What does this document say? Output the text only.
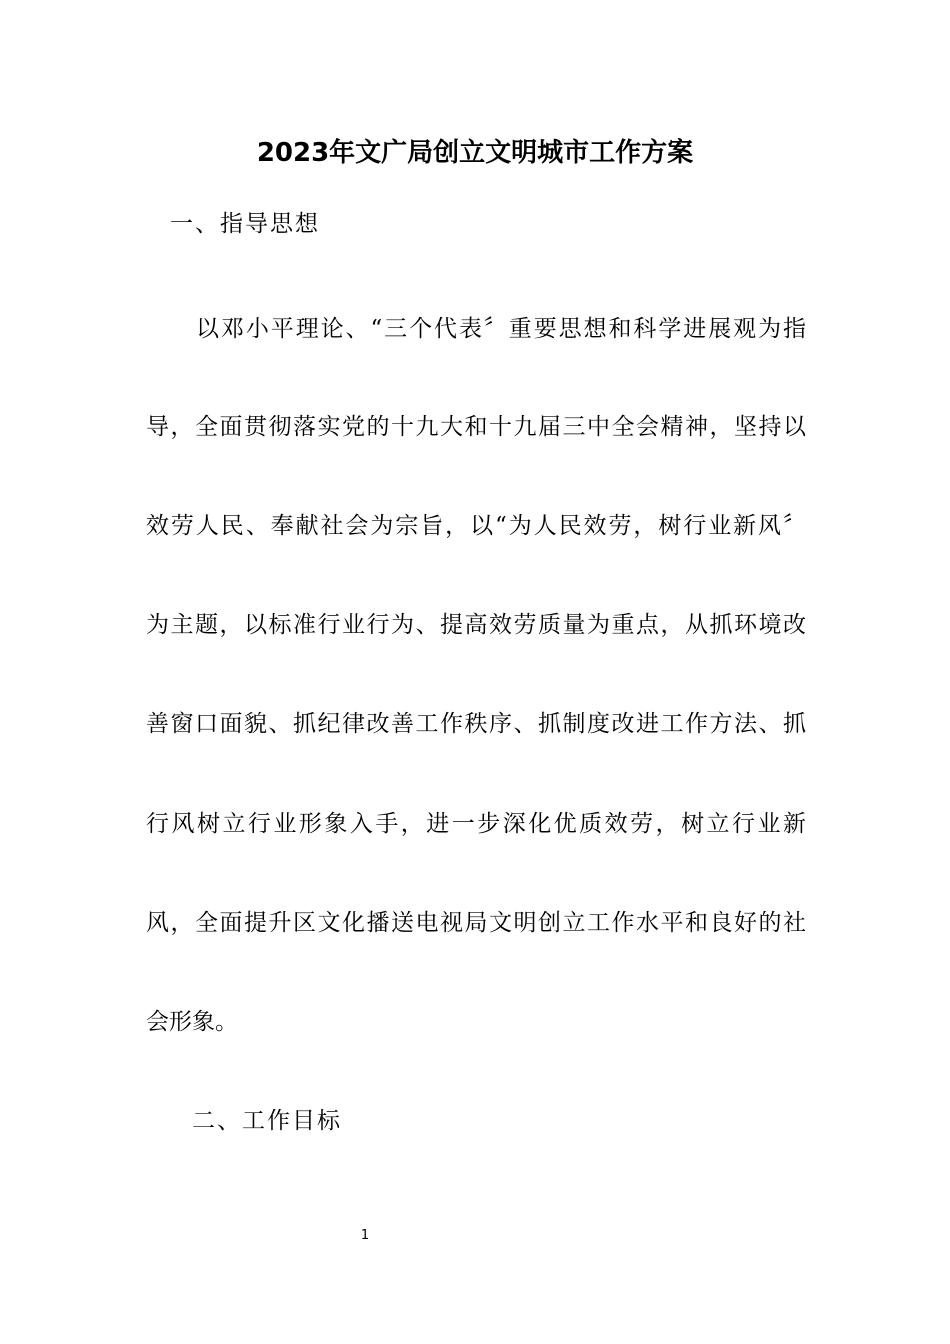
2023年文广局创立文明城市工作方案
一、指导思想
以邓小平理论、“三个代表〞重要思想和科学进展观为指
导，全面贯彻落实党的十九大和十九届三中全会精神，坚持以
效劳人民、奉献社会为宗旨，以“为人民效劳，树行业新风〞
为主题，以标准行业行为、提高效劳质量为重点，从抓环境改
善窗口面貌、抓纪律改善工作秩序、抓制度改进工作方法、抓
行风树立行业形象入手，进一步深化优质效劳，树立行业新
风，全面提升区文化播送电视局文明创立工作水平和良好的社
会形象。
二、工作目标
1
